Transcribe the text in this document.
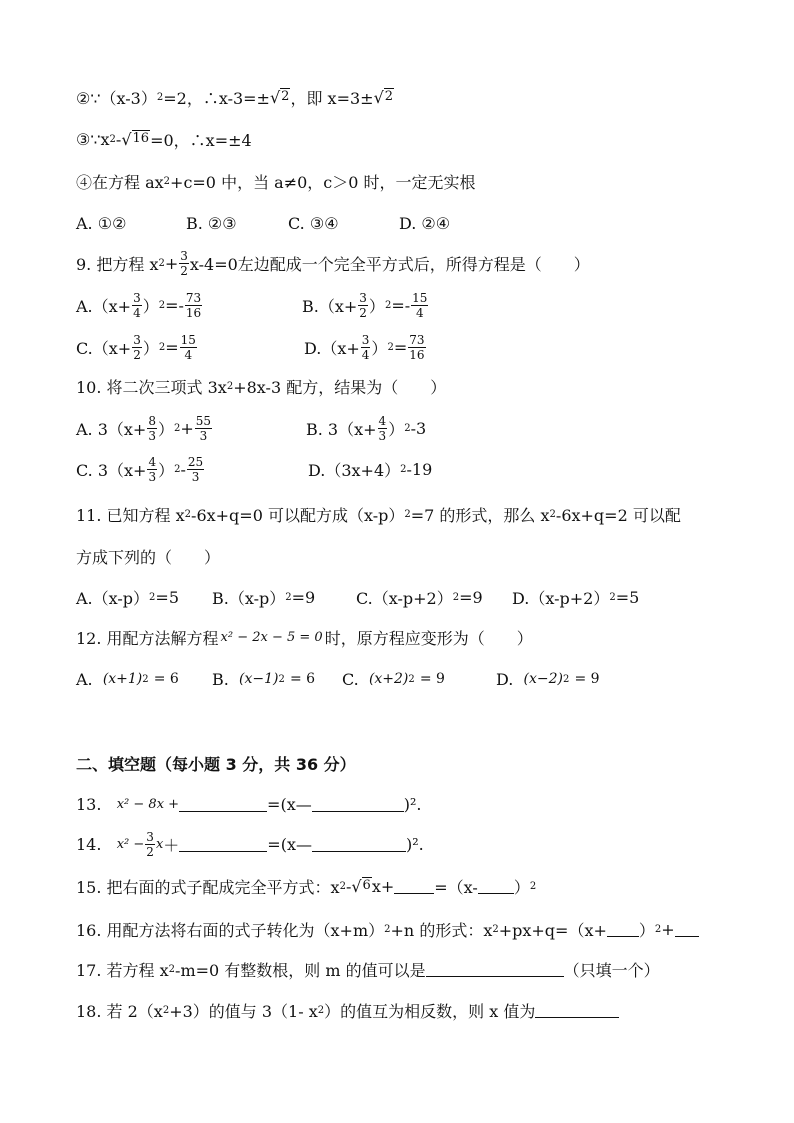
②∵（x-3） 2 =2，∴x-3=± √ 2 ，即 x=3± √ 2
③∵x 2 - √ 16 =0，∴x=±4
④在方程 ax 2 +c=0 中，当 a≠0，c＞0 时，一定无实根
A. ①②	B. ②③	C. ③④	D. ②④
9. 把方程 x $2 + \frac{3}{2} x-4=0$左边配成一个完全平方式后，所得方程是（　　）
$A.(x+ \frac{3}{4}$ ） $2 =- \frac{73}{16}$	$B.(x+ \frac{3}{2}$ ） $2 =- \frac{15}{4}$
$C.(x+ \frac{3}{2}$ ） $2 = \frac{15}{4}$	$D.(x+ \frac{3}{4}$ ） $2 = \frac{73}{16}$
10. 将二次三项式 3x 2 +8x-3 配方，结果为（　　）
A. $3(x+ \frac{8}{3}$ ） $2 + \frac{55}{3}$	B. $3(x+ \frac{4}{3}$ ） 2 -3
C. $3(x+ \frac{4}{3}$ ） $2 - \frac{25}{3}$	D.（3x+4） 2 -19
11. 已知方程 x 2 -6x+q=0 可以配方成（x-p） 2 =7 的形式，那么 x 2 -6x+q=2 可以配
方成下列的（　　）
A.（x-p） 2 =5 B.（x-p） 2 =9	C.（x-p+2） 2 =9 D.（x-p+2） 2 =5
12. 用配方法解方程 x² − 2x − 5 = 0 时，原方程应变形为（　　）
A.
(x+1) 2
= 6 B.
(x−1) 2
= 6 C.
(x+2) 2
= 9	D.
(x−2) 2
= 9
二、填空题（每小题 3 分，共 36 分）
13.
x² − 8x +	=(x—	)².
14.
$x^2 - \frac{3}{2}$ x ＋	=(x—	)².
15. 把右面的式子配成完全平方式：x 2 - √ 6 x+	=（x- ） 2
16. 用配方法将右面的式子转化为（x+m） 2 +n 的形式：x 2 +px+q=（x+ ） 2 +
17. 若方程 x 2 -m=0 有整数根，则 m 的值可以是	（只填一个）
18. 若 2（x 2 +3）的值与 3（1- x 2 ）的值互为相反数，则 x 值为
